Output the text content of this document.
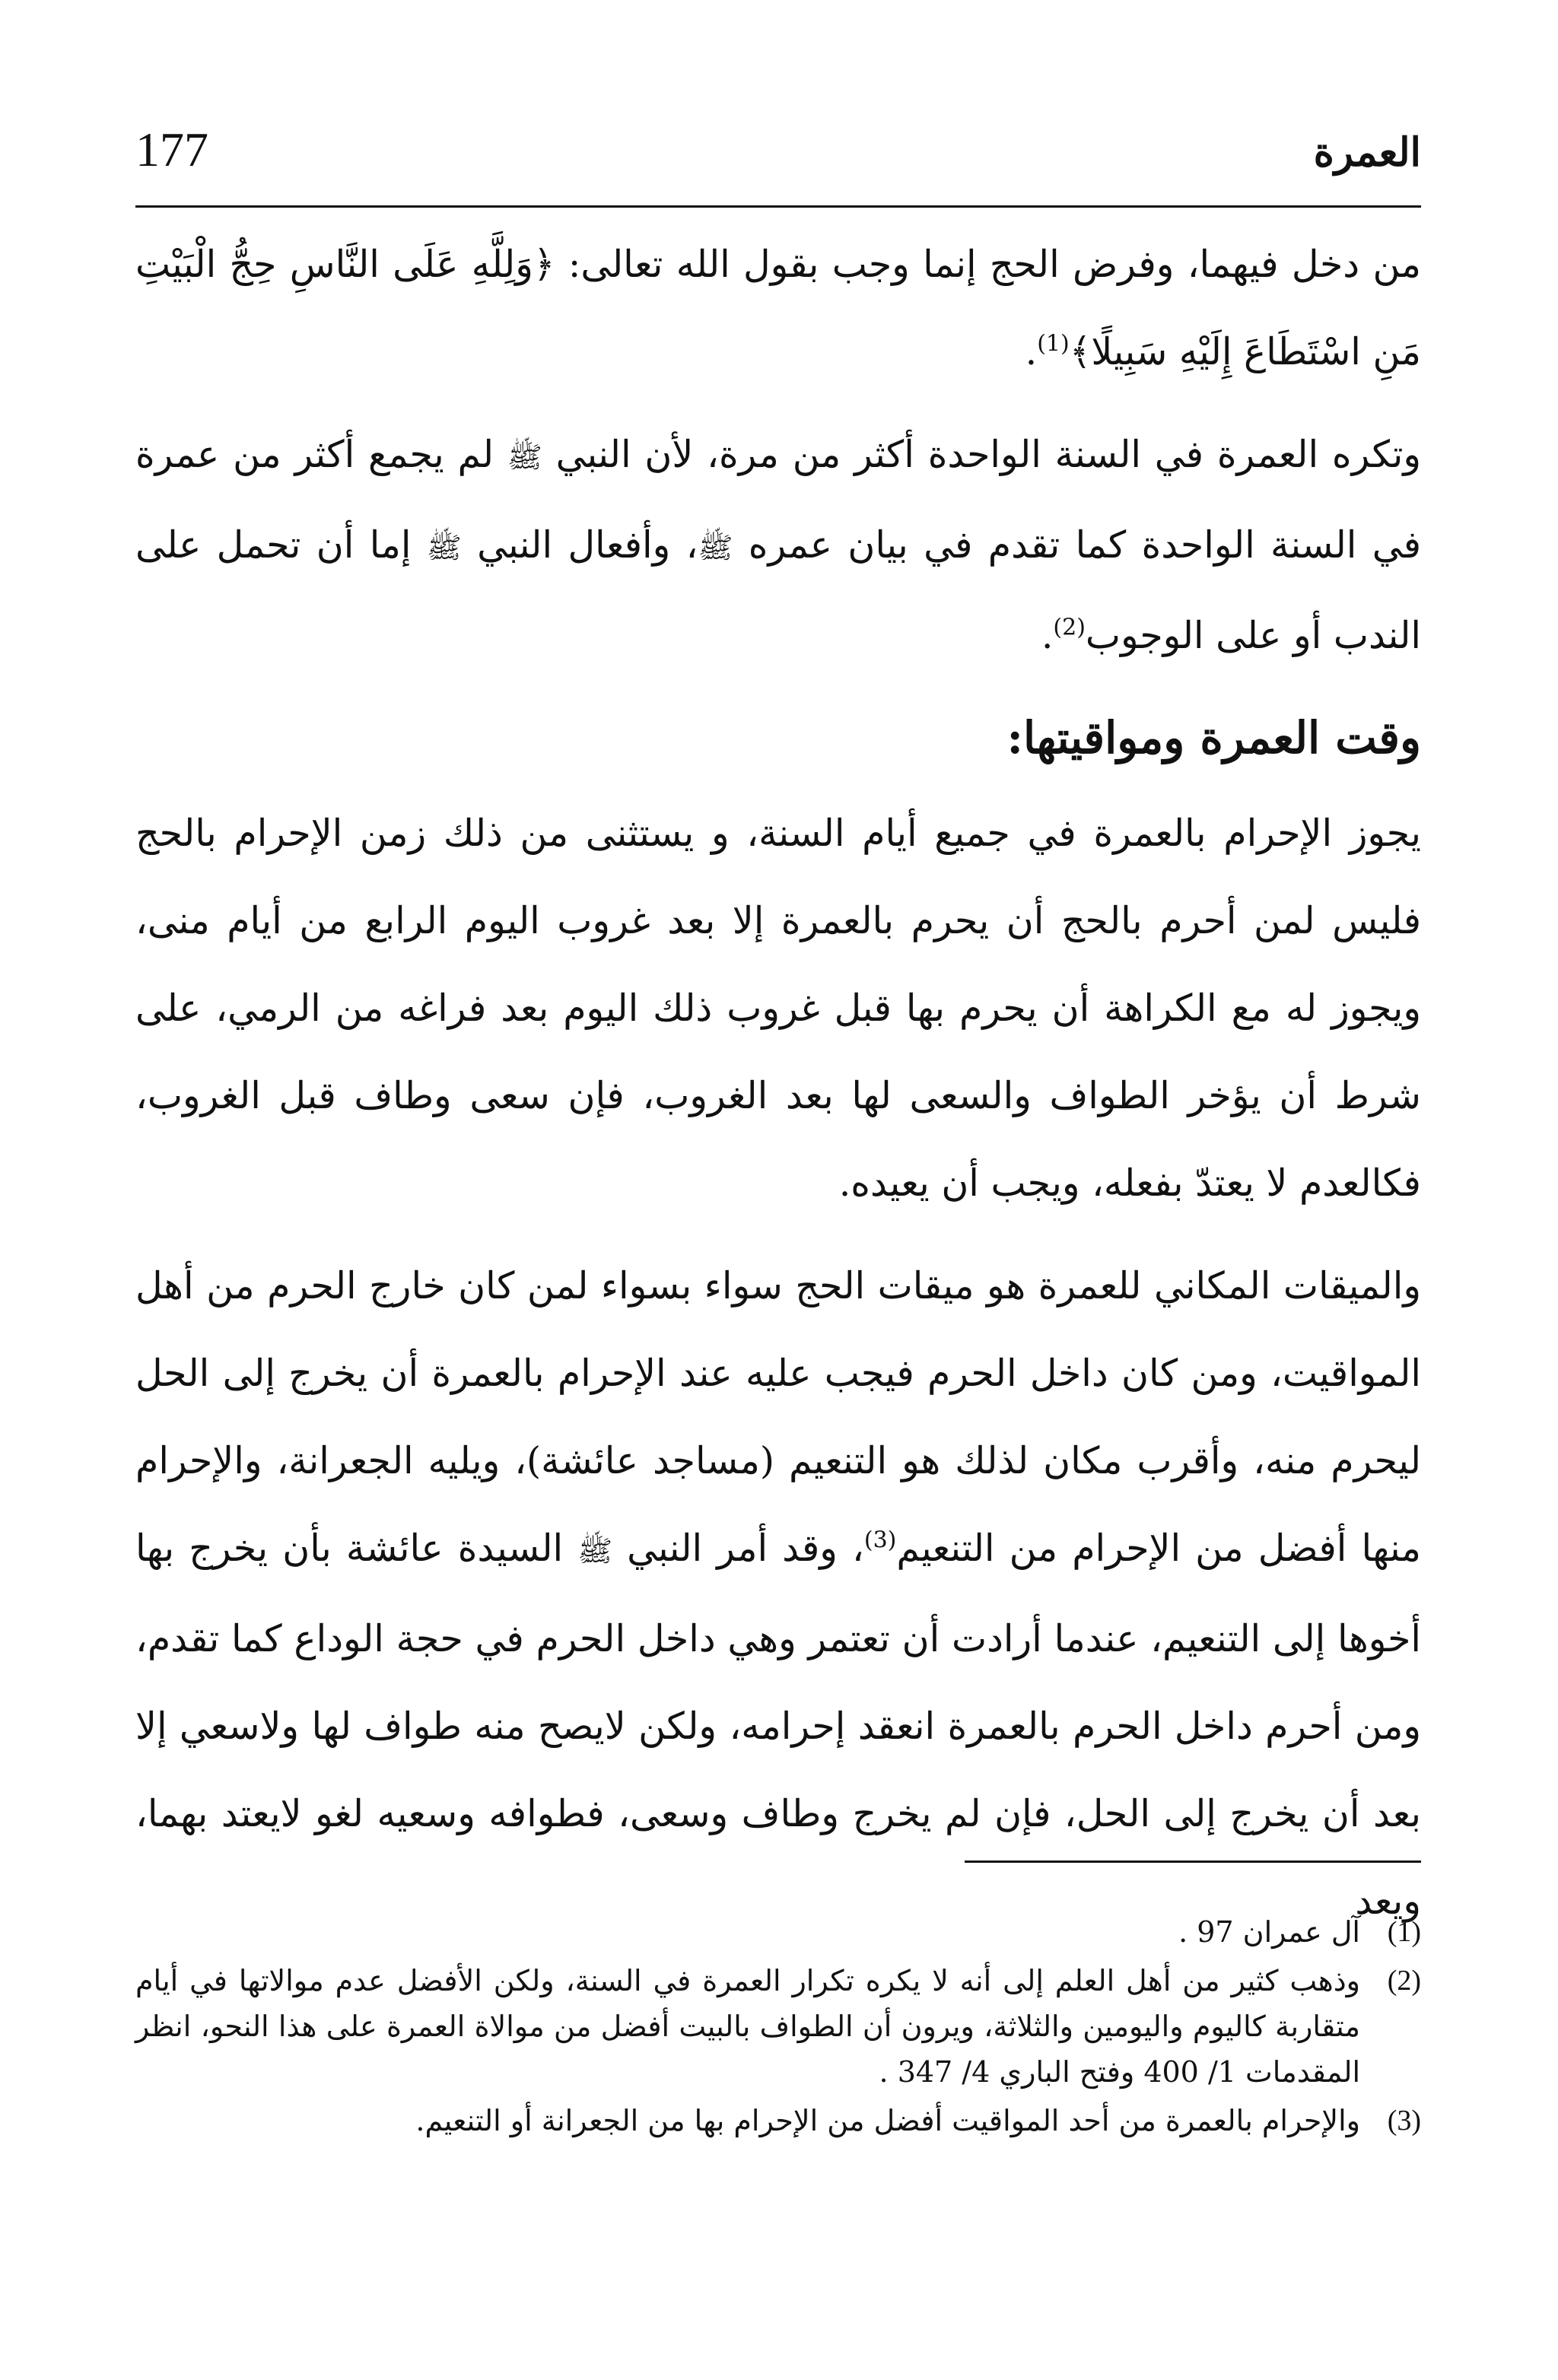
177	العمرة

من دخل فيهما، وفرض الحج إنما وجب بقول الله تعالى: ﴿وَلِلَّهِ عَلَى النَّاسِ حِجُّ الْبَيْتِ مَنِ اسْتَطَاعَ إِلَيْهِ سَبِيلًا﴾$^{(1)}$.

وتكره العمرة في السنة الواحدة أكثر من مرة، لأن النبي ﷺ لم يجمع أكثر من عمرة في السنة الواحدة كما تقدم في بيان عمره ﷺ، وأفعال النبي ﷺ إما أن تحمل على الندب أو على الوجوب$^{(2)}$.

وقت العمرة ومواقيتها:

يجوز الإحرام بالعمرة في جميع أيام السنة، و يستثنى من ذلك زمن الإحرام بالحج فليس لمن أحرم بالحج أن يحرم بالعمرة إلا بعد غروب اليوم الرابع من أيام منى، ويجوز له مع الكراهة أن يحرم بها قبل غروب ذلك اليوم بعد فراغه من الرمي، على شرط أن يؤخر الطواف والسعى لها بعد الغروب، فإن سعى وطاف قبل الغروب، فكالعدم لا يعتدّ بفعله، ويجب أن يعيده.

والميقات المكاني للعمرة هو ميقات الحج سواء بسواء لمن كان خارج الحرم من أهل المواقيت، ومن كان داخل الحرم فيجب عليه عند الإحرام بالعمرة أن يخرج إلى الحل ليحرم منه، وأقرب مكان لذلك هو التنعيم (مساجد عائشة)، ويليه الجعرانة، والإحرام منها أفضل من الإحرام من التنعيم$^{(3)}$، وقد أمر النبي ﷺ السيدة عائشة بأن يخرج بها أخوها إلى التنعيم، عندما أرادت أن تعتمر وهي داخل الحرم في حجة الوداع كما تقدم، ومن أحرم داخل الحرم بالعمرة انعقد إحرامه، ولكن لايصح منه طواف لها ولاسعي إلا بعد أن يخرج إلى الحل، فإن لم يخرج وطاف وسعى، فطوافه وسعيه لغو لايعتد بهما، ويعد

(1)
آل عمران 97 .
(2)
وذهب كثير من أهل العلم إلى أنه لا يكره تكرار العمرة في السنة، ولكن الأفضل عدم موالاتها في أيام متقاربة كاليوم واليومين والثلاثة، ويرون أن الطواف بالبيت أفضل من موالاة العمرة على هذا النحو، انظر المقدمات 1/ 400 وفتح الباري 4/ 347 .
(3)
والإحرام بالعمرة من أحد المواقيت أفضل من الإحرام بها من الجعرانة أو التنعيم.
